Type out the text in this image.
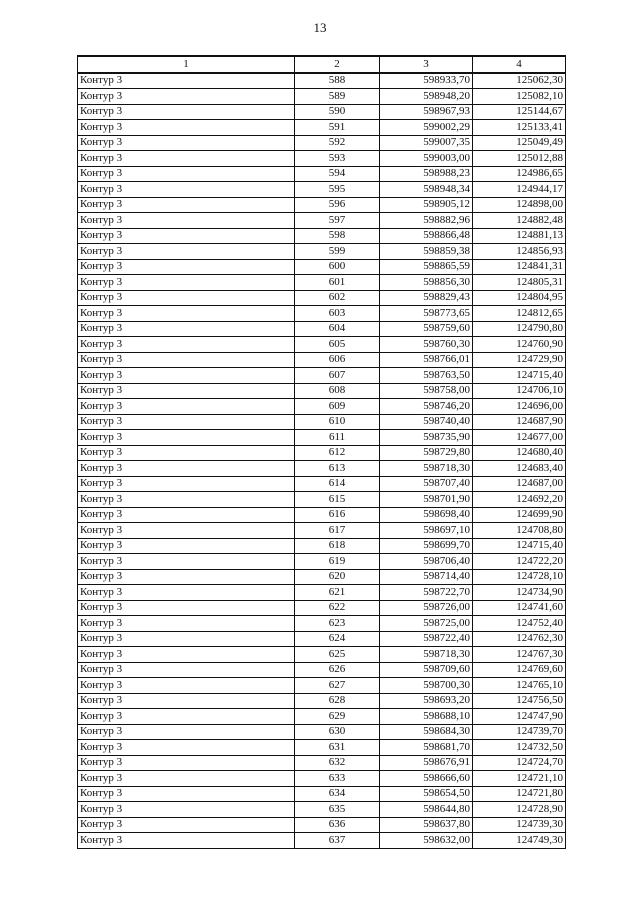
13
1	2	3	4
Контур 3	588	598933,70	125062,30
Контур 3	589	598948,20	125082,10
Контур 3	590	598967,93	125144,67
Контур 3	591	599002,29	125133,41
Контур 3	592	599007,35	125049,49
Контур 3	593	599003,00	125012,88
Контур 3	594	598988,23	124986,65
Контур 3	595	598948,34	124944,17
Контур 3	596	598905,12	124898,00
Контур 3	597	598882,96	124882,48
Контур 3	598	598866,48	124881,13
Контур 3	599	598859,38	124856,93
Контур 3	600	598865,59	124841,31
Контур 3	601	598856,30	124805,31
Контур 3	602	598829,43	124804,95
Контур 3	603	598773,65	124812,65
Контур 3	604	598759,60	124790,80
Контур 3	605	598760,30	124760,90
Контур 3	606	598766,01	124729,90
Контур 3	607	598763,50	124715,40
Контур 3	608	598758,00	124706,10
Контур 3	609	598746,20	124696,00
Контур 3	610	598740,40	124687,90
Контур 3	611	598735,90	124677,00
Контур 3	612	598729,80	124680,40
Контур 3	613	598718,30	124683,40
Контур 3	614	598707,40	124687,00
Контур 3	615	598701,90	124692,20
Контур 3	616	598698,40	124699,90
Контур 3	617	598697,10	124708,80
Контур 3	618	598699,70	124715,40
Контур 3	619	598706,40	124722,20
Контур 3	620	598714,40	124728,10
Контур 3	621	598722,70	124734,90
Контур 3	622	598726,00	124741,60
Контур 3	623	598725,00	124752,40
Контур 3	624	598722,40	124762,30
Контур 3	625	598718,30	124767,30
Контур 3	626	598709,60	124769,60
Контур 3	627	598700,30	124765,10
Контур 3	628	598693,20	124756,50
Контур 3	629	598688,10	124747,90
Контур 3	630	598684,30	124739,70
Контур 3	631	598681,70	124732,50
Контур 3	632	598676,91	124724,70
Контур 3	633	598666,60	124721,10
Контур 3	634	598654,50	124721,80
Контур 3	635	598644,80	124728,90
Контур 3	636	598637,80	124739,30
Контур 3	637	598632,00	124749,30
